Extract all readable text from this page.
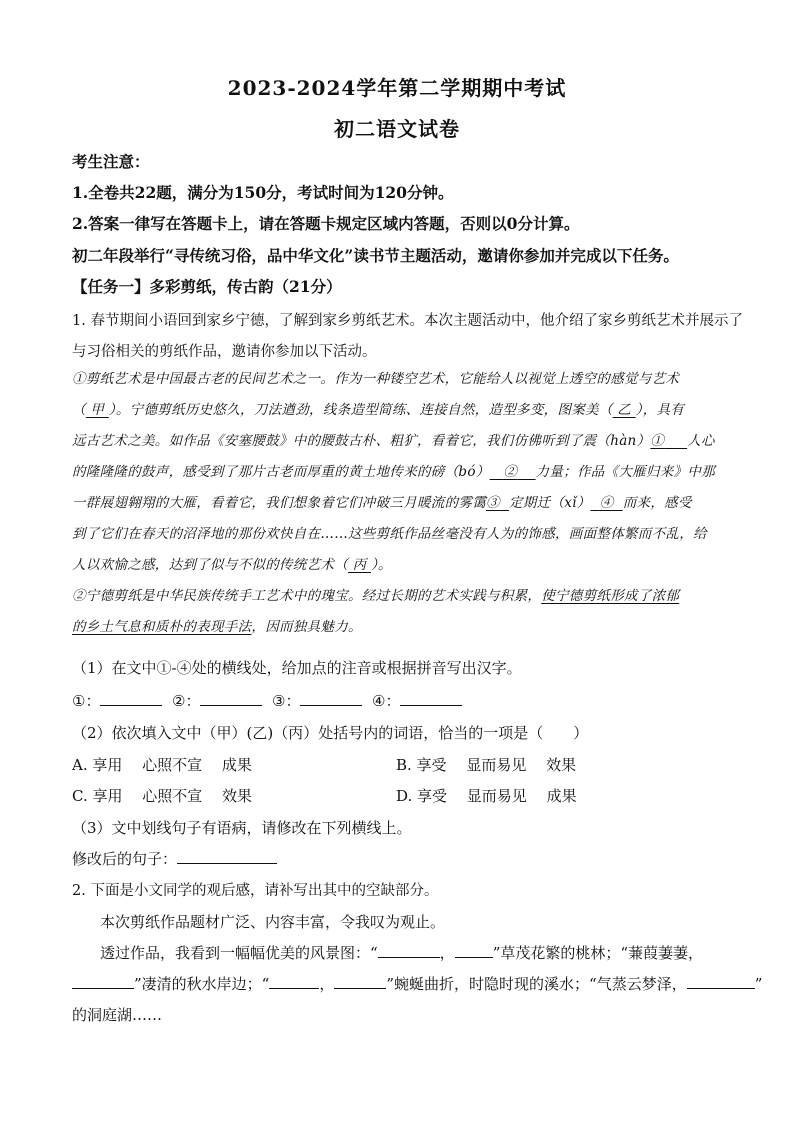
2023-2024学年第二学期期中考试
初二语文试卷
考生注意：
1.全卷共22题，满分为150分，考试时间为120分钟。
2.答案一律写在答题卡上，请在答题卡规定区域内答题，否则以0分计算。
初二年段举行“寻传统习俗，品中华文化”读书节主题活动，邀请你参加并完成以下任务。
【任务一】多彩剪纸，传古韵（21分）
1. 春节期间小语回到家乡宁德，了解到家乡剪纸艺术。本次主题活动中，他介绍了家乡剪纸艺术并展示了
与习俗相关的剪纸作品，邀请你参加以下活动。

①剪纸艺术是中国最古老的民间艺术之一。作为一种镂空艺术，它能给人以视觉上透空的感觉与艺术

（ 甲 ）。宁德剪纸历史悠久，刀法遒劲，线条造型简练、连接自然，造型多变，图案美（ 乙 ），具有

远古艺术之美。如作品《安塞腰鼓》中的腰鼓古朴、粗犷，看着它，我们仿佛听到了震（hàn）① 人心

的隆隆隆的鼓声，感受到了那片古老而厚重的黄土地传来的磅（bó） ② 力量；作品《大雁归来》中那

一群展翅翱翔的大雁，看着它，我们想象着它们冲破三月暖流的雾霭③ 定期迁（xǐ） ④ 而来，感受

到了它们在春天的沼泽地的那份欢快自在……这些剪纸作品丝毫没有人为的饰感，画面整体繁而不乱，给

人以欢愉之感，达到了似与不似的传统艺术（ 丙 ）。

②宁德剪纸是中华民族传统手工艺术中的瑰宝。经过长期的艺术实践与积累，使宁德剪纸形成了浓郁

的乡土气息和质朴的表现手法，因而独具魅力。

（1）在文中①-④处的横线处，给加点的注音或根据拼音写出汉字。
①：	②：	③：	④：
（2）依次填入文中（甲）(乙)（丙）处括号内的词语，恰当的一项是（　　）
A. 享用　 心照不宣　 成果	B. 享受　 显而易见　 效果
C. 享用　 心照不宣　 效果	D. 享受　 显而易见　 成果
（3）文中划线句子有语病，请修改在下列横线上。
修改后的句子：
2. 下面是小文同学的观后感，请补写出其中的空缺部分。
本次剪纸作品题材广泛、内容丰富，令我叹为观止。
透过作品，我看到一幅幅优美的风景图：“	，	”草茂花繁的桃林；“蒹葭萋萋，
”凄清的秋水岸边；“	，	”蜿蜒曲折，时隐时现的溪水；“气蒸云梦泽，	”
的洞庭湖……
